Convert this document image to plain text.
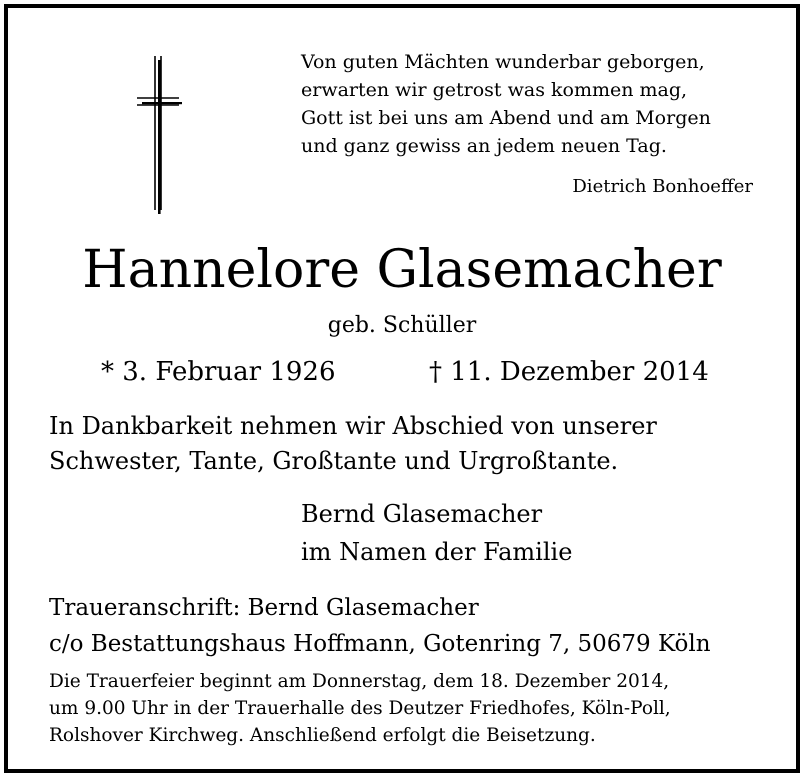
Von guten Mächten wunderbar geborgen,
erwarten wir getrost was kommen mag,
Gott ist bei uns am Abend und am Morgen
und ganz gewiss an jedem neuen Tag.
Dietrich Bonhoeffer
Hannelore Glasemacher
geb. Schüller
* 3. Februar 1926	† 11. Dezember 2014
In Dankbarkeit nehmen wir Abschied von unserer
Schwester, Tante, Großtante und Urgroßtante.
Bernd Glasemacher
im Namen der Familie
Traueranschrift: Bernd Glasemacher
c/o Bestattungshaus Hoffmann, Gotenring 7, 50679 Köln
Die Trauerfeier beginnt am Donnerstag, dem 18. Dezember 2014,
um 9.00 Uhr in der Trauerhalle des Deutzer Friedhofes, Köln-Poll,
Rolshover Kirchweg. Anschließend erfolgt die Beisetzung.
